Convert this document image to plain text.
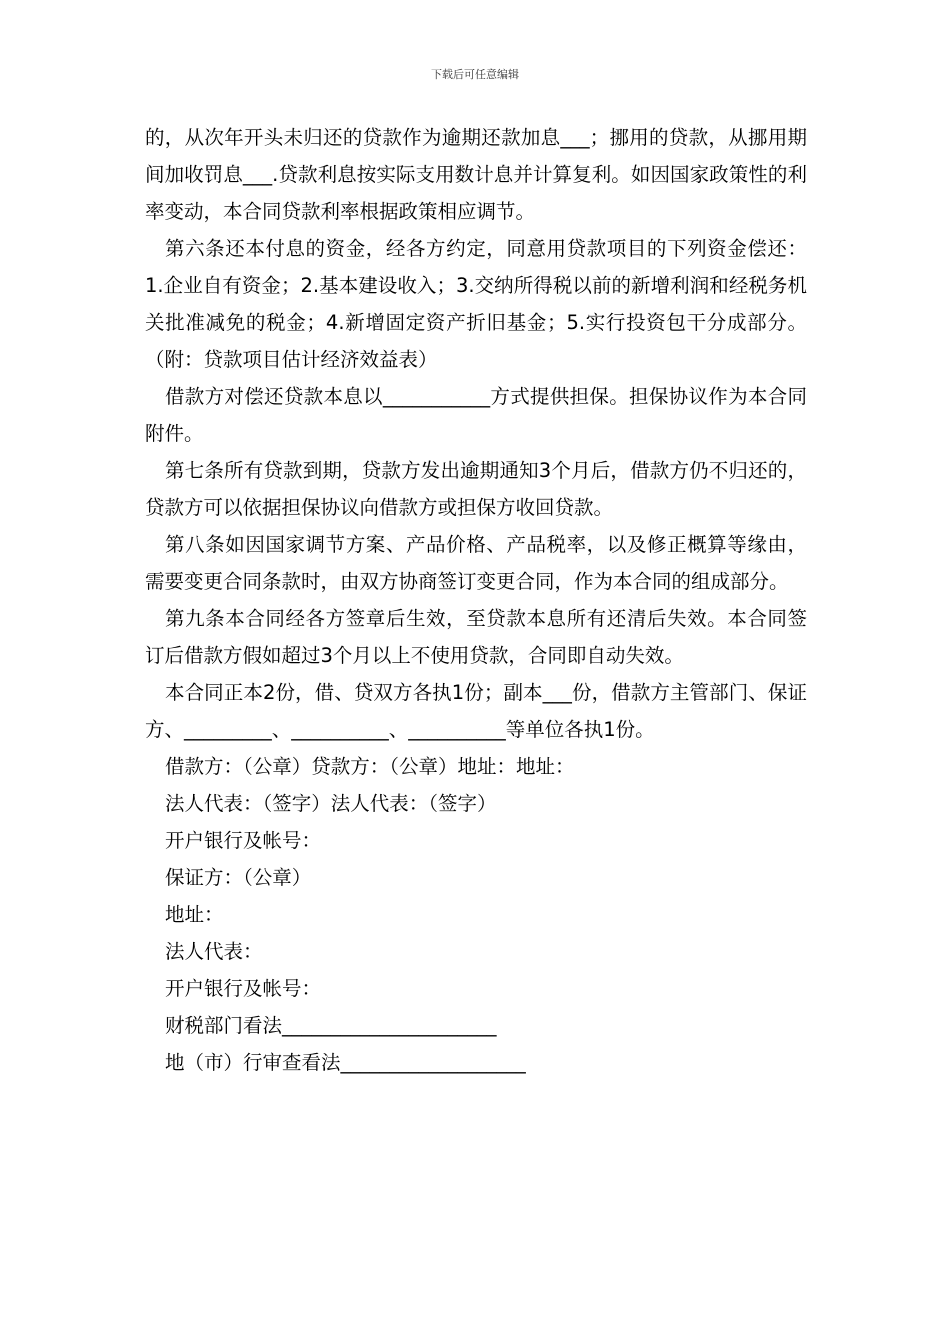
下载后可任意编辑

的，从次年开头未归还的贷款作为逾期还款加息___；挪用的贷款，从挪用期间加收罚息___.贷款利息按实际支用数计息并计算复利。如因国家政策性的利率变动，本合同贷款利率根据政策相应调节。

第六条还本付息的资金，经各方约定，同意用贷款项目的下列资金偿还：1.企业自有资金；2.基本建设收入；3.交纳所得税以前的新增利润和经税务机关批准减免的税金；4.新增固定资产折旧基金；5.实行投资包干分成部分。（附：贷款项目估计经济效益表）

借款方对偿还贷款本息以___________方式提供担保。担保协议作为本合同附件。

第七条所有贷款到期，贷款方发出逾期通知3个月后，借款方仍不归还的，贷款方可以依据担保协议向借款方或担保方收回贷款。

第八条如因国家调节方案、产品价格、产品税率，以及修正概算等缘由，需要变更合同条款时，由双方协商签订变更合同，作为本合同的组成部分。

第九条本合同经各方签章后生效，至贷款本息所有还清后失效。本合同签订后借款方假如超过3个月以上不使用贷款，合同即自动失效。

本合同正本2份，借、贷双方各执1份；副本___份，借款方主管部门、保证方、_________、__________、__________等单位各执1份。

借款方：（公章）贷款方：（公章）地址：地址：

法人代表：（签字）法人代表：（签字）

开户银行及帐号：

保证方：（公章）

地址：

法人代表：

开户银行及帐号：

财税部门看法______________________

地（市）行审查看法___________________
